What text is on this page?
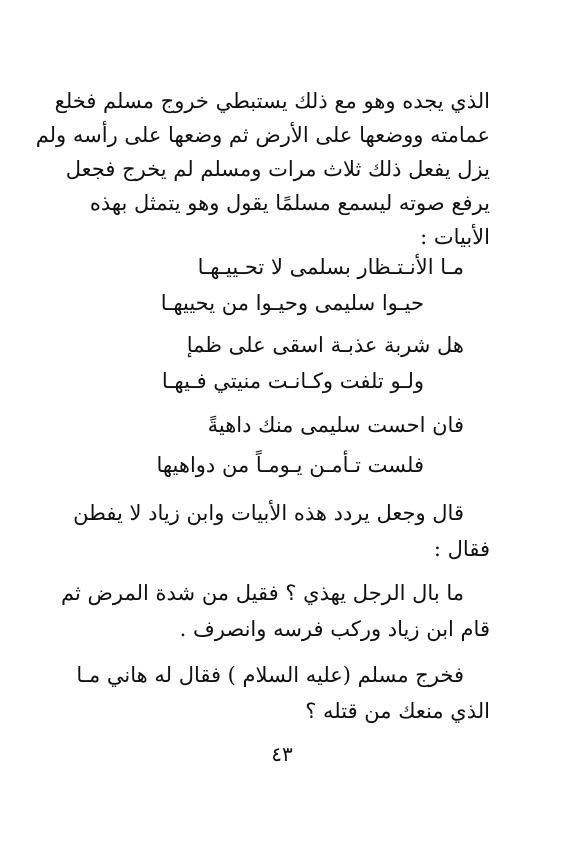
الذي يجده وهو مع ذلك يستبطي خروج مسلم فخلع
عمامته ووضعها على الأرض ثم وضعها على رأسه ولم
يزل يفعل ذلك ثلاث مرات ومسلم لم يخرج فجعل
يرفع صوته ليسمع مسلمًا يقول وهو يتمثل بهذه
الأبيات :
مـا الأنـتـظار بسلمى لا تحـييـهـا
حيـوا سليمى وحيـوا من يحييهـا
هل شربة عذبـة اسقى على ظمإ
ولـو تلفت وكـانـت منيتي فـيهـا
فان احست سليمى منك داهيةً
فلست تـأمـن يـومـاً من دواهيها
قال وجعل يردد هذه الأبيات وابن زياد لا يفطن
فقال :
ما بال الرجل يهذي ؟ فقيل من شدة المرض ثم
قام ابن زياد وركب فرسه وانصرف .
فخرج مسلم (عليه السلام ) فقال له هاني مـا
الذي منعك من قتله ؟
٤٣
